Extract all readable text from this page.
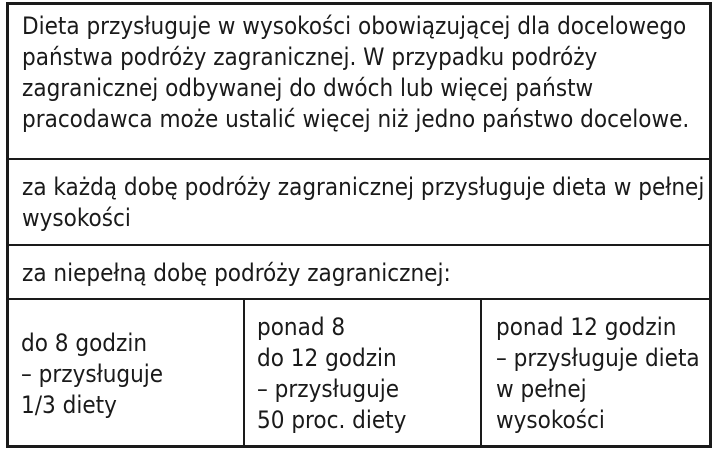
Dieta przysługuje w wysokości obowiązującej dla docelowego
państwa podróży zagranicznej. W przypadku podróży
zagranicznej odbywanej do dwóch lub więcej państw
pracodawca może ustalić więcej niż jedno państwo docelowe.
za każdą dobę podróży zagranicznej przysługuje dieta w pełnej
wysokości
za niepełną dobę podróży zagranicznej:
do 8 godzin
– przysługuje
1/3 diety
ponad 8
do 12 godzin
– przysługuje
50 proc. diety
ponad 12 godzin
– przysługuje dieta
w pełnej
wysokości
